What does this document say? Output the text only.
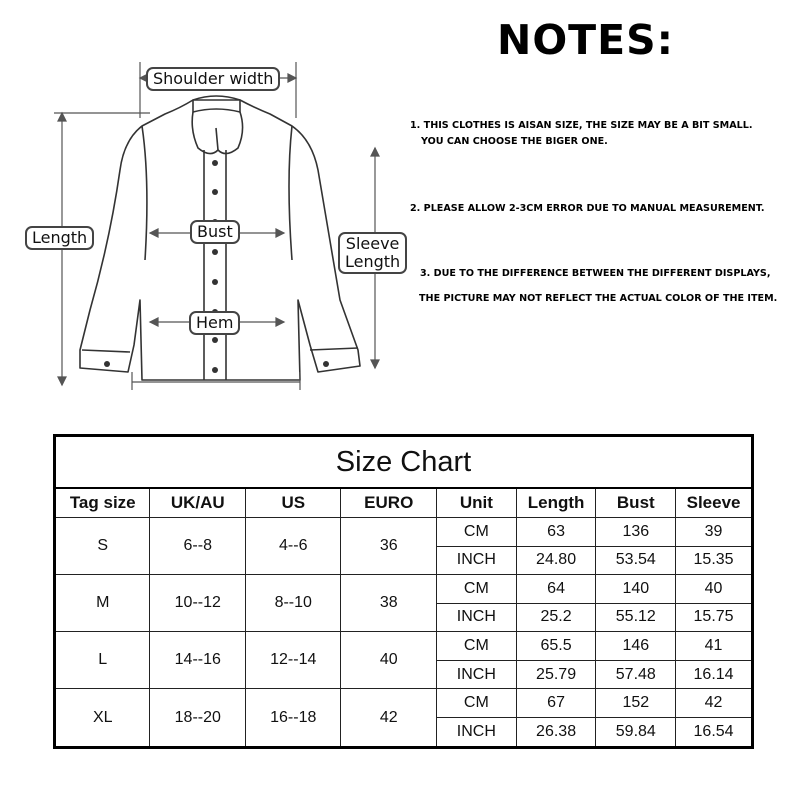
Shoulder width
Length	Bust
Sleeve
Length
Hem
NOTES:
1. THIS CLOTHES IS AISAN SIZE, THE SIZE MAY BE A BIT SMALL.
YOU CAN CHOOSE THE BIGER ONE.
2. PLEASE ALLOW 2-3CM ERROR DUE TO MANUAL MEASUREMENT.
3. DUE TO THE DIFFERENCE BETWEEN THE DIFFERENT DISPLAYS,
THE PICTURE MAY NOT REFLECT THE ACTUAL COLOR OF THE ITEM.
Size Chart							
Tag size	UK/AU	US	EURO	Unit	Length	Bust	Sleeve
S	6--8	4--6	36	CM	63	136	39
				INCH	24.80	53.54	15.35
M	10--12	8--10	38	CM	64	140	40
				INCH	25.2	55.12	15.75
L	14--16	12--14	40	CM	65.5	146	41
				INCH	25.79	57.48	16.14
XL	18--20	16--18	42	CM	67	152	42
				INCH	26.38	59.84	16.54
